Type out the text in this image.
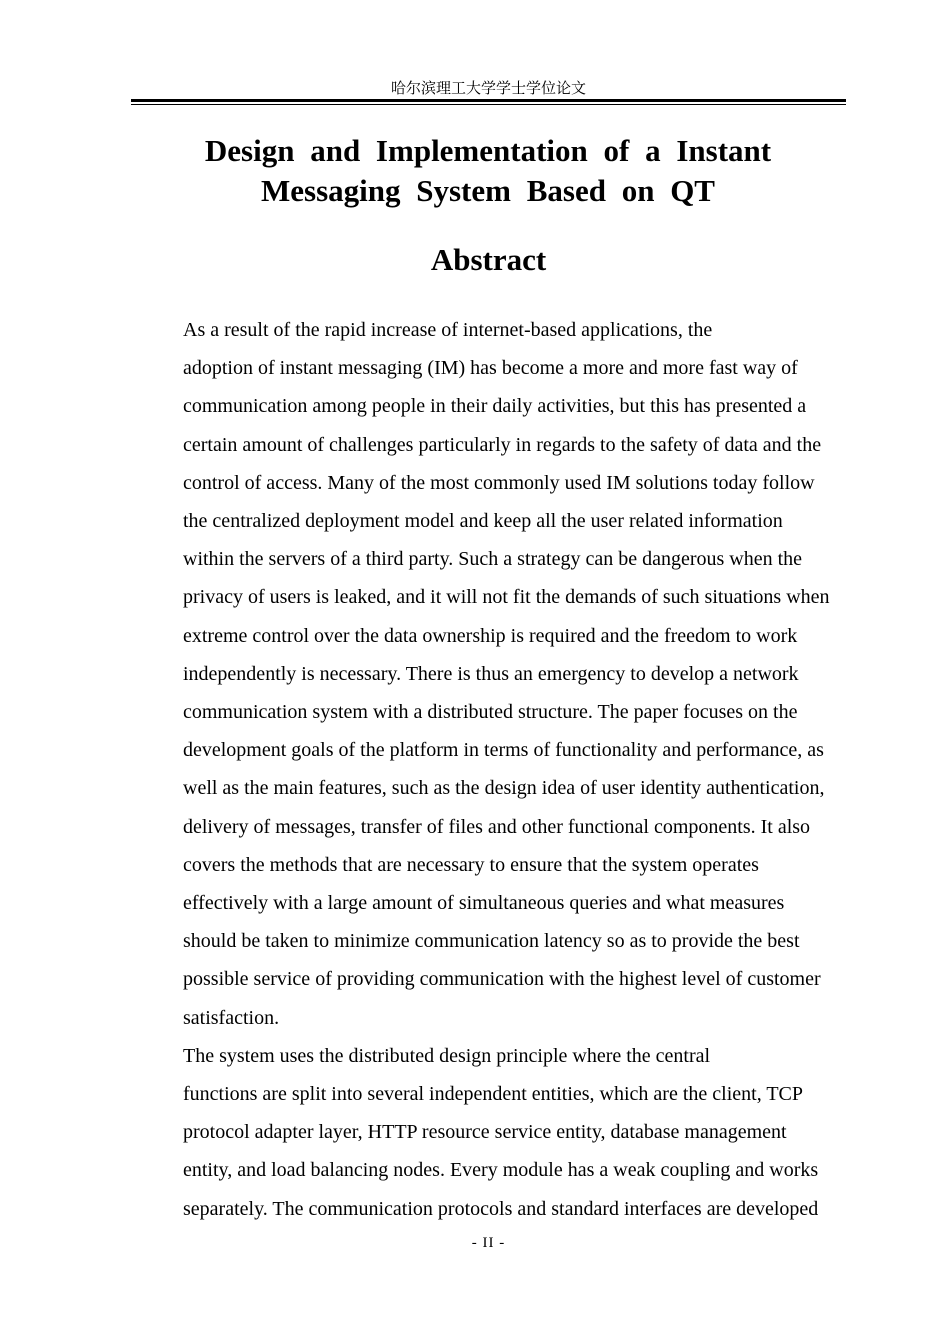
哈尔滨理工大学学士学位论文
Design and Implementation of a Instant
Messaging System Based on QT
Abstract

As a result of the rapid increase of internet-based applications, the
adoption of instant messaging (IM) has become a more and more fast way of
communication among people in their daily activities, but this has presented a
certain amount of challenges particularly in regards to the safety of data and the
control of access. Many of the most commonly used IM solutions today follow
the centralized deployment model and keep all the user related information
within the servers of a third party. Such a strategy can be dangerous when the
privacy of users is leaked, and it will not fit the demands of such situations when
extreme control over the data ownership is required and the freedom to work
independently is necessary. There is thus an emergency to develop a network
communication system with a distributed structure. The paper focuses on the
development goals of the platform in terms of functionality and performance, as
well as the main features, such as the design idea of user identity authentication,
delivery of messages, transfer of files and other functional components. It also
covers the methods that are necessary to ensure that the system operates
effectively with a large amount of simultaneous queries and what measures
should be taken to minimize communication latency so as to provide the best
possible service of providing communication with the highest level of customer
satisfaction.

The system uses the distributed design principle where the central
functions are split into several independent entities, which are the client, TCP
protocol adapter layer, HTTP resource service entity, database management
entity, and load balancing nodes. Every module has a weak coupling and works
separately. The communication protocols and standard interfaces are developed

- II -
